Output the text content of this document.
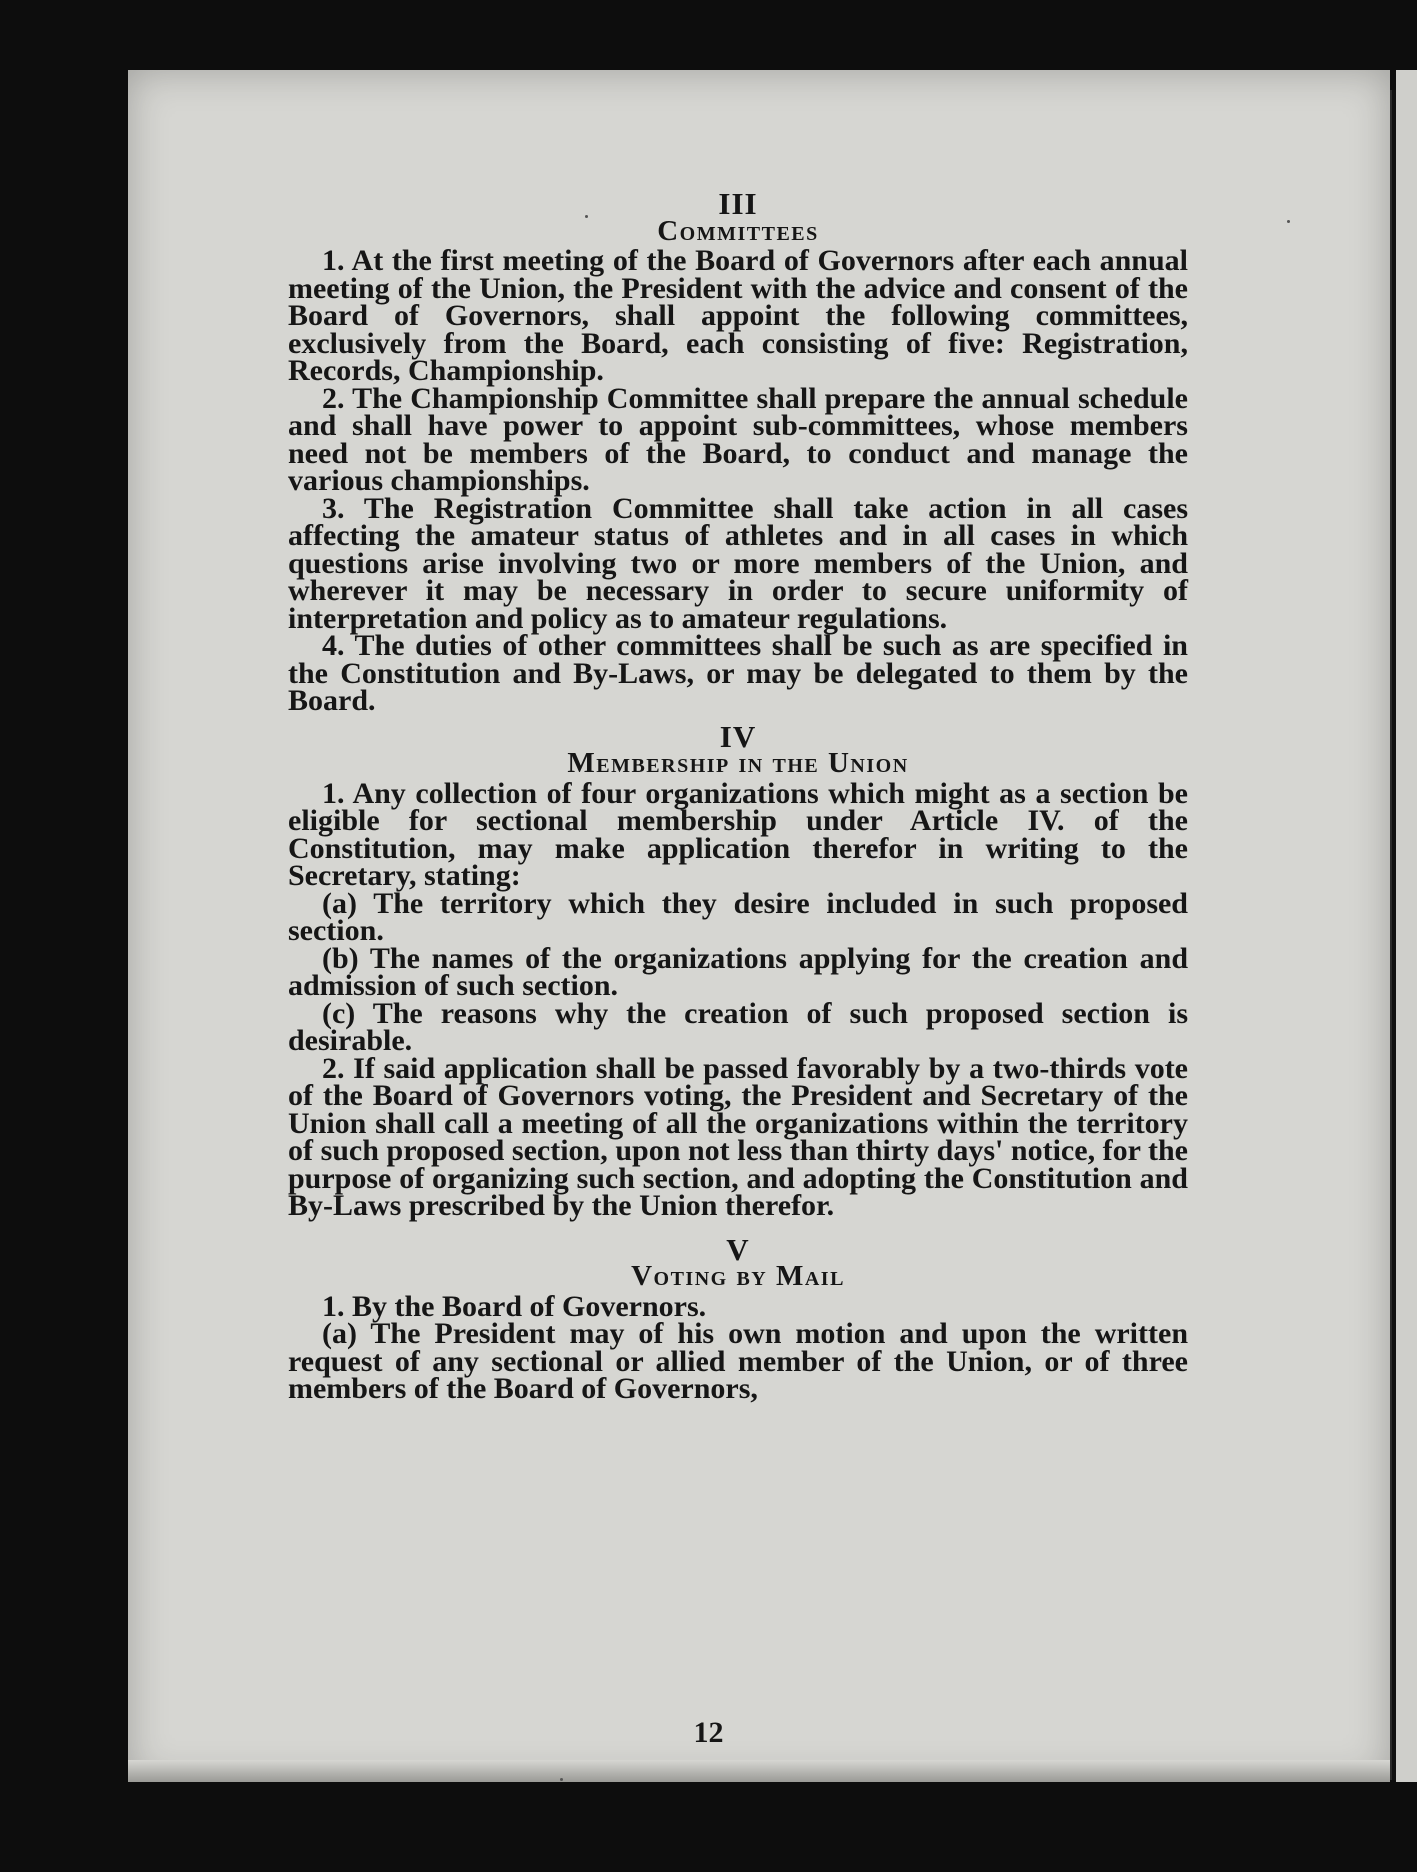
III
Committees

1. At the first meeting of the Board of Governors after each annual meeting of the Union, the President with the advice and consent of the Board of Governors, shall appoint the following committees, exclusively from the Board, each consisting of five: Registration, Records, Championship.

2. The Championship Committee shall prepare the annual schedule and shall have power to appoint sub-committees, whose members need not be members of the Board, to conduct and manage the various championships.

3. The Registration Committee shall take action in all cases affecting the amateur status of athletes and in all cases in which questions arise involving two or more members of the Union, and wherever it may be necessary in order to secure uniformity of interpretation and policy as to amateur regulations.

4. The duties of other committees shall be such as are specified in the Constitution and By-Laws, or may be delegated to them by the Board.

IV
Membership in the Union

1. Any collection of four organizations which might as a section be eligible for sectional membership under Article IV. of the Constitution, may make application therefor in writing to the Secretary, stating:

(a) The territory which they desire included in such proposed section.

(b) The names of the organizations applying for the creation and admission of such section.

(c) The reasons why the creation of such proposed section is desirable.

2. If said application shall be passed favorably by a two-thirds vote of the Board of Governors voting, the President and Secretary of the Union shall call a meeting of all the organizations within the territory of such proposed section, upon not less than thirty days' notice, for the purpose of organizing such section, and adopting the Constitution and By-Laws prescribed by the Union therefor.

V
Voting by Mail

1. By the Board of Governors.

(a) The President may of his own motion and upon the written request of any sectional or allied member of the Union, or of three members of the Board of Governors,

12
